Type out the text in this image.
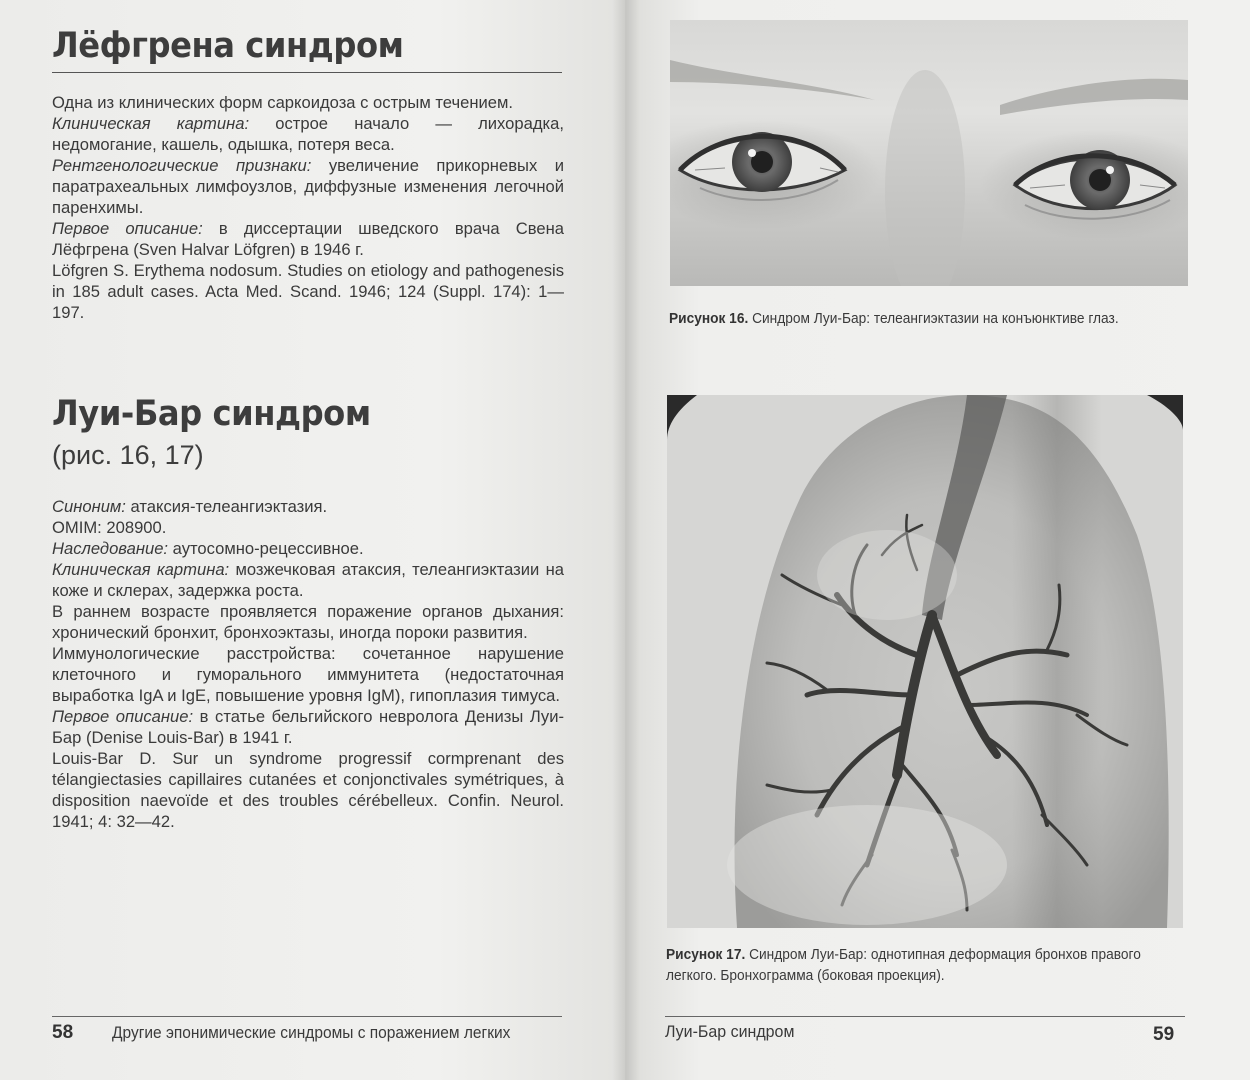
Лёфгрена синдром

Одна из клинических форм саркоидоза с острым течением.

Клиническая картина: острое начало — лихорадка, недомогание, кашель, одышка, потеря веса.

Рентгенологические признаки: увеличение прикорневых и паратрахеальных лимфоузлов, диффузные изменения легочной паренхимы.

Первое описание: в диссертации шведского врача Свена Лёфгрена (Sven Halvar Löfgren) в 1946 г.

Löfgren S. Erythema nodosum. Studies on etiology and pathogenesis in 185 adult cases. Acta Med. Scand. 1946; 124 (Suppl. 174): 1—197.

Луи-Бар синдром
(рис. 16, 17)

Синоним: атаксия-телеангиэктазия.

OMIM: 208900.

Наследование: аутосомно-рецессивное.

Клиническая картина: мозжечковая атаксия, телеангиэктазии на коже и склерах, задержка роста.

В раннем возрасте проявляется поражение органов дыхания: хронический бронхит, бронхоэктазы, иногда пороки развития.

Иммунологические расстройства: сочетанное нарушение клеточного и гуморального иммунитета (недостаточная выработка IgA и IgE, повышение уровня IgM), гипоплазия тимуса.

Первое описание: в статье бельгийского невролога Денизы Луи-Бар (Denise Louis-Bar) в 1941 г.

Louis-Bar D. Sur un syndrome progressif cormprenant des télangiectasies capillaires cutanées et conjonctivales symétriques, à disposition naevoïde et des troubles cérébelleux. Confin. Neurol. 1941; 4: 32—42.

58 Другие эпонимические синдромы с поражением легких
Рисунок 16. Синдром Луи-Бар: телеангиэктазии на конъюнктиве глаз.
Рисунок 17. Синдром Луи-Бар: однотипная деформация бронхов правого легкого. Бронхограмма (боковая проекция).
Луи-Бар синдром	59
